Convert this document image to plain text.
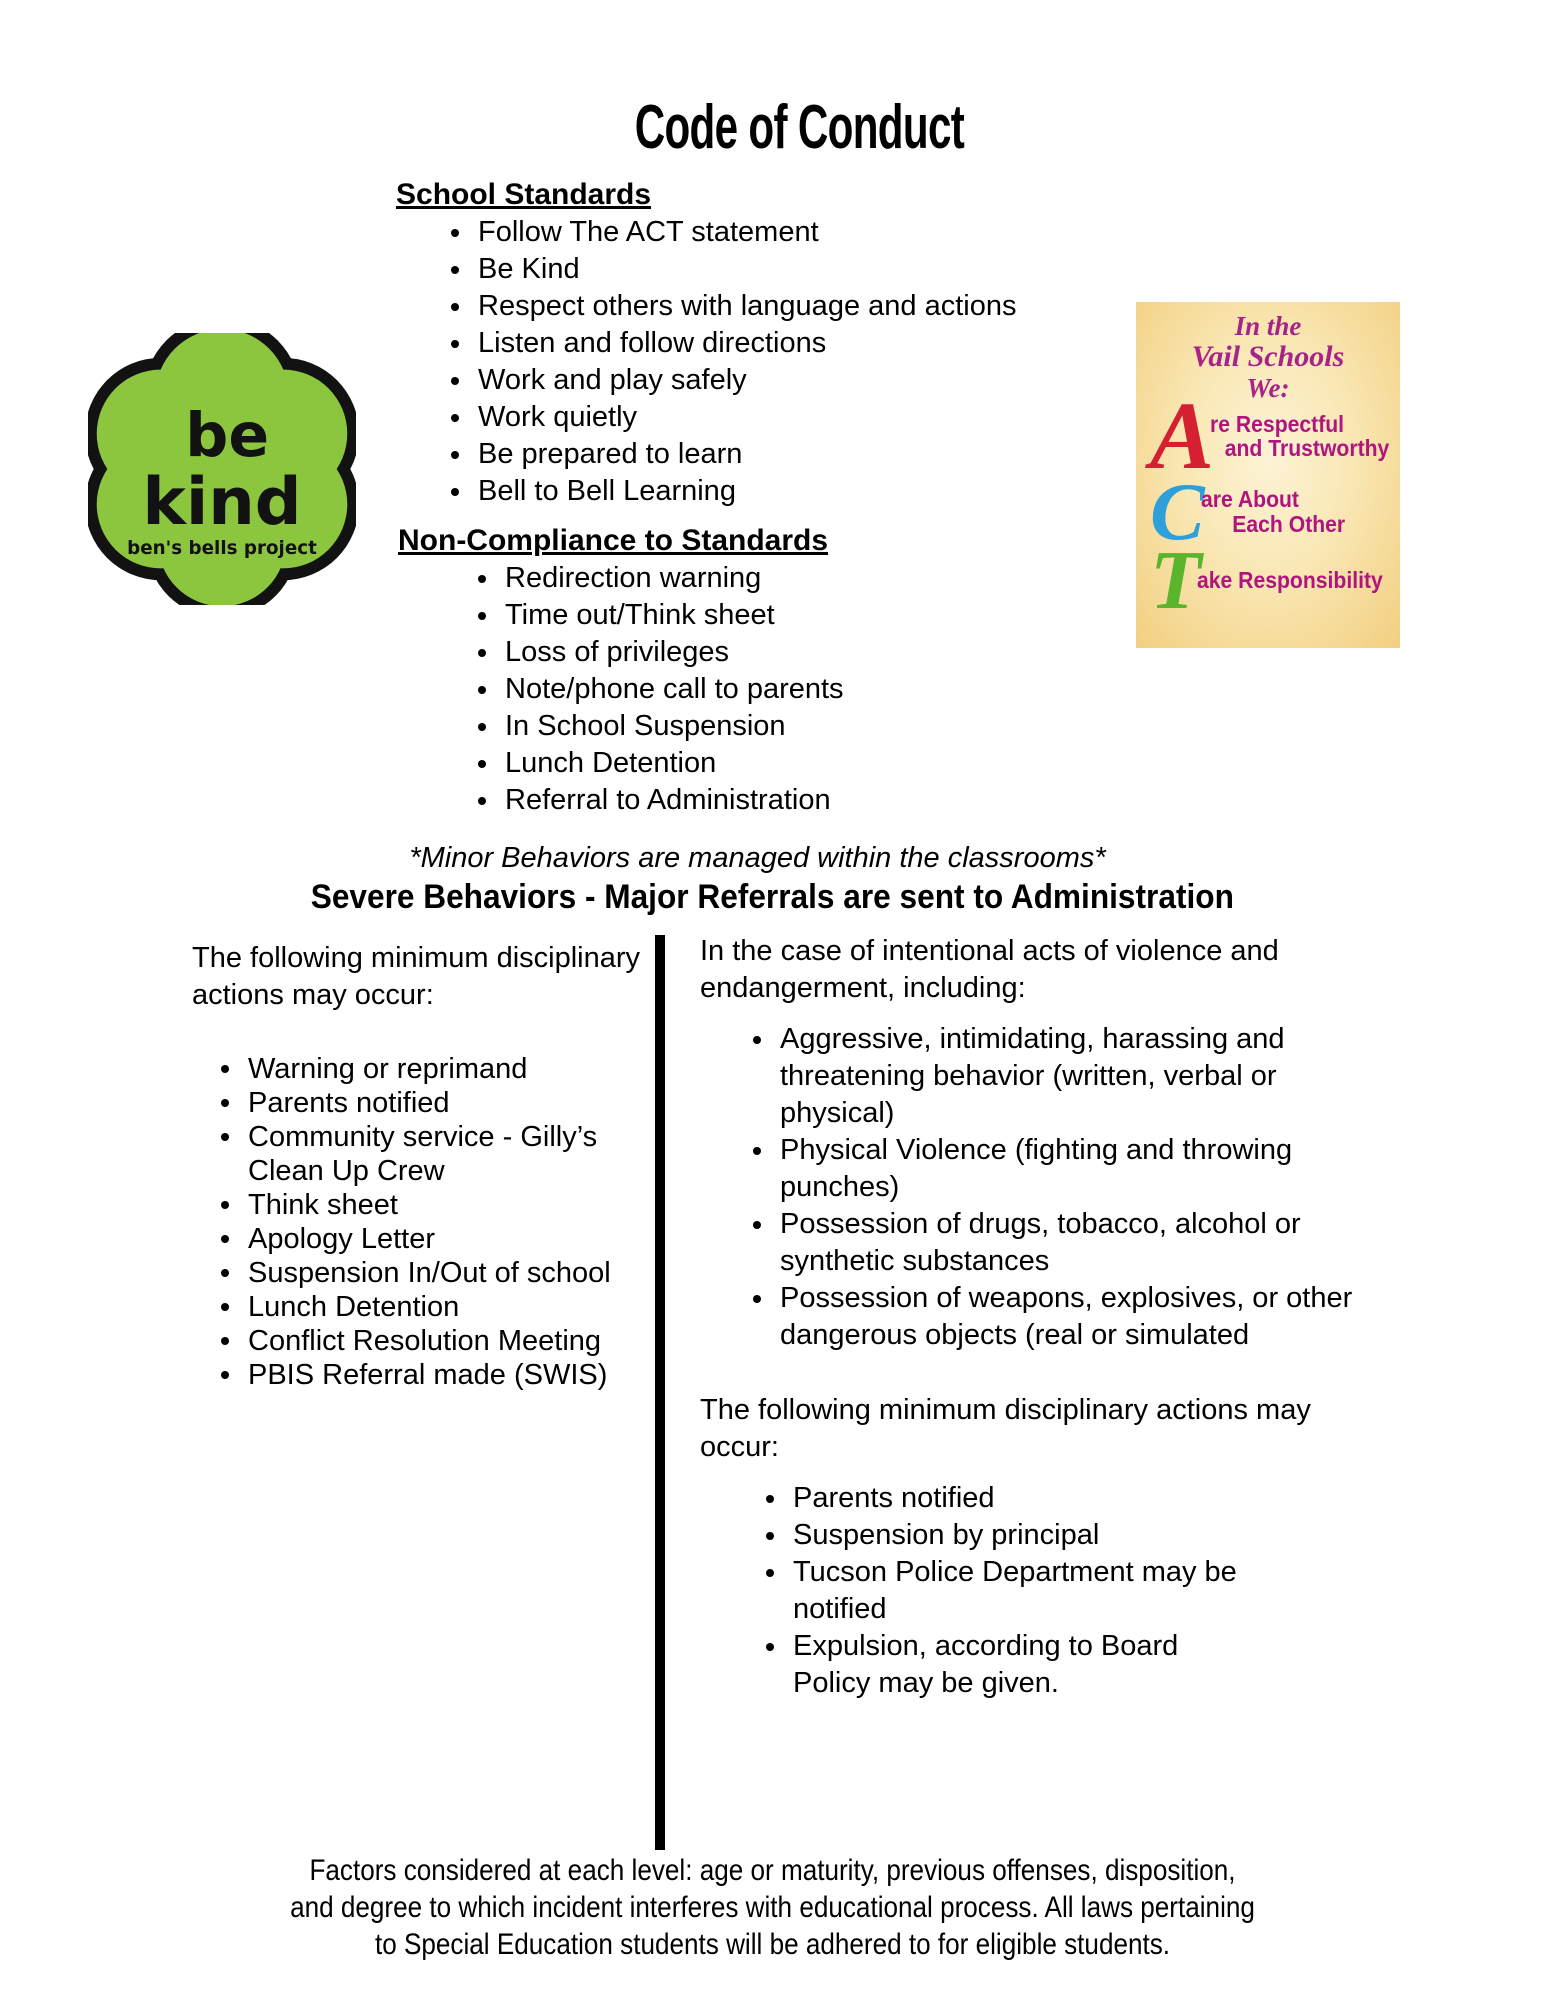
Code of Conduct
School Standards
Follow The ACT statement
Be Kind
Respect others with language and actions
Listen and follow directions
Work and play safely
Work quietly
Be prepared to learn
Bell to Bell Learning
be
kind
ben's bells project
In the
Vail Schools
We:
A
re Respectful
and Trustworthy
C
are About
Each Other
T
ake Responsibility
Non-Compliance to Standards
Redirection warning
Time out/Think sheet
Loss of privileges
Note/phone call to parents
In School Suspension
Lunch Detention
Referral to Administration
*Minor Behaviors are managed within the classrooms*
Severe Behaviors - Major Referrals are sent to Administration
The following minimum disciplinary actions may occur:
Warning or reprimand
Parents notified
Community service - Gilly’s Clean Up Crew
Think sheet
Apology Letter
Suspension In/Out of school
Lunch Detention
Conflict Resolution Meeting
PBIS Referral made (SWIS)
In the case of intentional acts of violence and endangerment, including:
Aggressive, intimidating, harassing and threatening behavior (written, verbal or physical)
Physical Violence (fighting and throwing punches)
Possession of drugs, tobacco, alcohol or synthetic substances
Possession of weapons, explosives, or other dangerous objects (real or simulated
The following minimum disciplinary actions may occur:
Parents notified
Suspension by principal
Tucson Police Department may be notified
Expulsion, according to Board Policy may be given.
Factors considered at each level: age or maturity, previous offenses, disposition,
and degree to which incident interferes with educational process. All laws pertaining
to Special Education students will be adhered to for eligible students.
